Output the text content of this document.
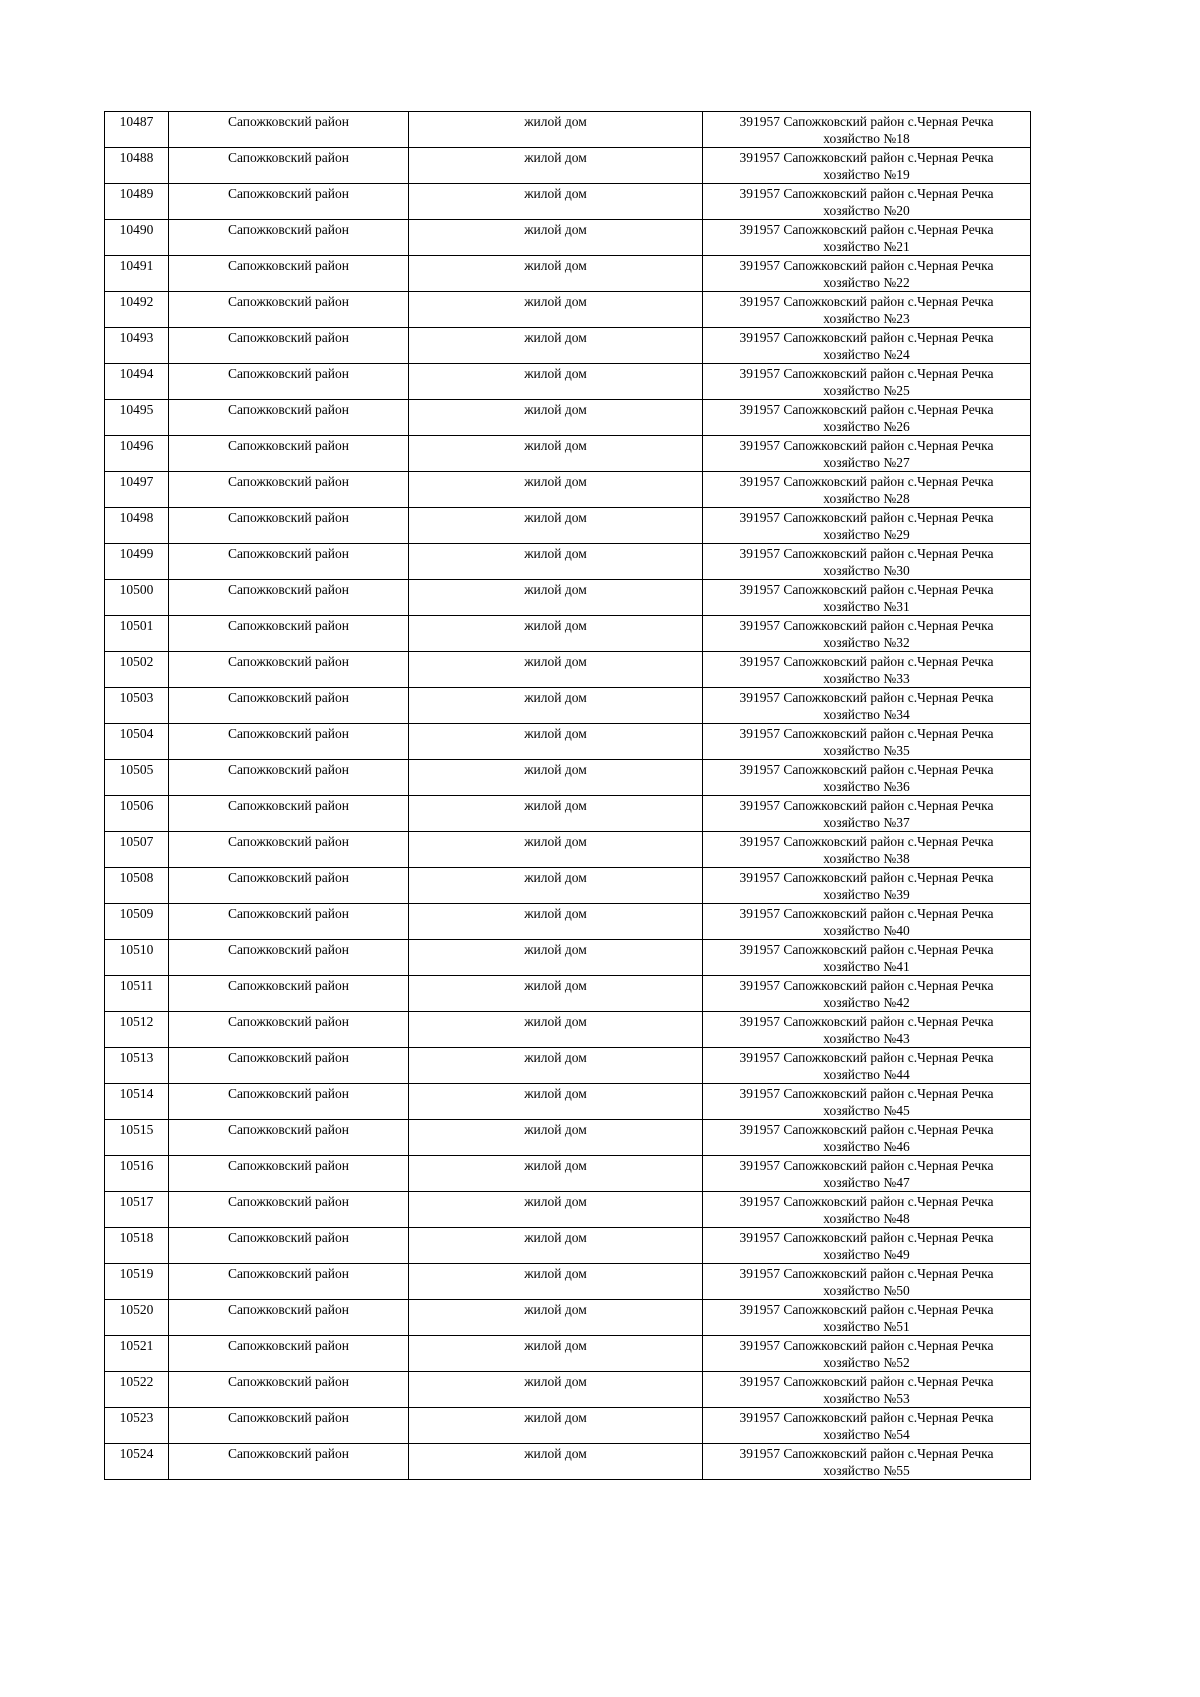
10487	Сапожковский район	жилой дом	391957 Сапожковский район с.Черная Речка
хозяйство №18
10488	Сапожковский район	жилой дом	391957 Сапожковский район с.Черная Речка
хозяйство №19
10489	Сапожковский район	жилой дом	391957 Сапожковский район с.Черная Речка
хозяйство №20
10490	Сапожковский район	жилой дом	391957 Сапожковский район с.Черная Речка
хозяйство №21
10491	Сапожковский район	жилой дом	391957 Сапожковский район с.Черная Речка
хозяйство №22
10492	Сапожковский район	жилой дом	391957 Сапожковский район с.Черная Речка
хозяйство №23
10493	Сапожковский район	жилой дом	391957 Сапожковский район с.Черная Речка
хозяйство №24
10494	Сапожковский район	жилой дом	391957 Сапожковский район с.Черная Речка
хозяйство №25
10495	Сапожковский район	жилой дом	391957 Сапожковский район с.Черная Речка
хозяйство №26
10496	Сапожковский район	жилой дом	391957 Сапожковский район с.Черная Речка
хозяйство №27
10497	Сапожковский район	жилой дом	391957 Сапожковский район с.Черная Речка
хозяйство №28
10498	Сапожковский район	жилой дом	391957 Сапожковский район с.Черная Речка
хозяйство №29
10499	Сапожковский район	жилой дом	391957 Сапожковский район с.Черная Речка
хозяйство №30
10500	Сапожковский район	жилой дом	391957 Сапожковский район с.Черная Речка
хозяйство №31
10501	Сапожковский район	жилой дом	391957 Сапожковский район с.Черная Речка
хозяйство №32
10502	Сапожковский район	жилой дом	391957 Сапожковский район с.Черная Речка
хозяйство №33
10503	Сапожковский район	жилой дом	391957 Сапожковский район с.Черная Речка
хозяйство №34
10504	Сапожковский район	жилой дом	391957 Сапожковский район с.Черная Речка
хозяйство №35
10505	Сапожковский район	жилой дом	391957 Сапожковский район с.Черная Речка
хозяйство №36
10506	Сапожковский район	жилой дом	391957 Сапожковский район с.Черная Речка
хозяйство №37
10507	Сапожковский район	жилой дом	391957 Сапожковский район с.Черная Речка
хозяйство №38
10508	Сапожковский район	жилой дом	391957 Сапожковский район с.Черная Речка
хозяйство №39
10509	Сапожковский район	жилой дом	391957 Сапожковский район с.Черная Речка
хозяйство №40
10510	Сапожковский район	жилой дом	391957 Сапожковский район с.Черная Речка
хозяйство №41
10511	Сапожковский район	жилой дом	391957 Сапожковский район с.Черная Речка
хозяйство №42
10512	Сапожковский район	жилой дом	391957 Сапожковский район с.Черная Речка
хозяйство №43
10513	Сапожковский район	жилой дом	391957 Сапожковский район с.Черная Речка
хозяйство №44
10514	Сапожковский район	жилой дом	391957 Сапожковский район с.Черная Речка
хозяйство №45
10515	Сапожковский район	жилой дом	391957 Сапожковский район с.Черная Речка
хозяйство №46
10516	Сапожковский район	жилой дом	391957 Сапожковский район с.Черная Речка
хозяйство №47
10517	Сапожковский район	жилой дом	391957 Сапожковский район с.Черная Речка
хозяйство №48
10518	Сапожковский район	жилой дом	391957 Сапожковский район с.Черная Речка
хозяйство №49
10519	Сапожковский район	жилой дом	391957 Сапожковский район с.Черная Речка
хозяйство №50
10520	Сапожковский район	жилой дом	391957 Сапожковский район с.Черная Речка
хозяйство №51
10521	Сапожковский район	жилой дом	391957 Сапожковский район с.Черная Речка
хозяйство №52
10522	Сапожковский район	жилой дом	391957 Сапожковский район с.Черная Речка
хозяйство №53
10523	Сапожковский район	жилой дом	391957 Сапожковский район с.Черная Речка
хозяйство №54
10524	Сапожковский район	жилой дом	391957 Сапожковский район с.Черная Речка
хозяйство №55
